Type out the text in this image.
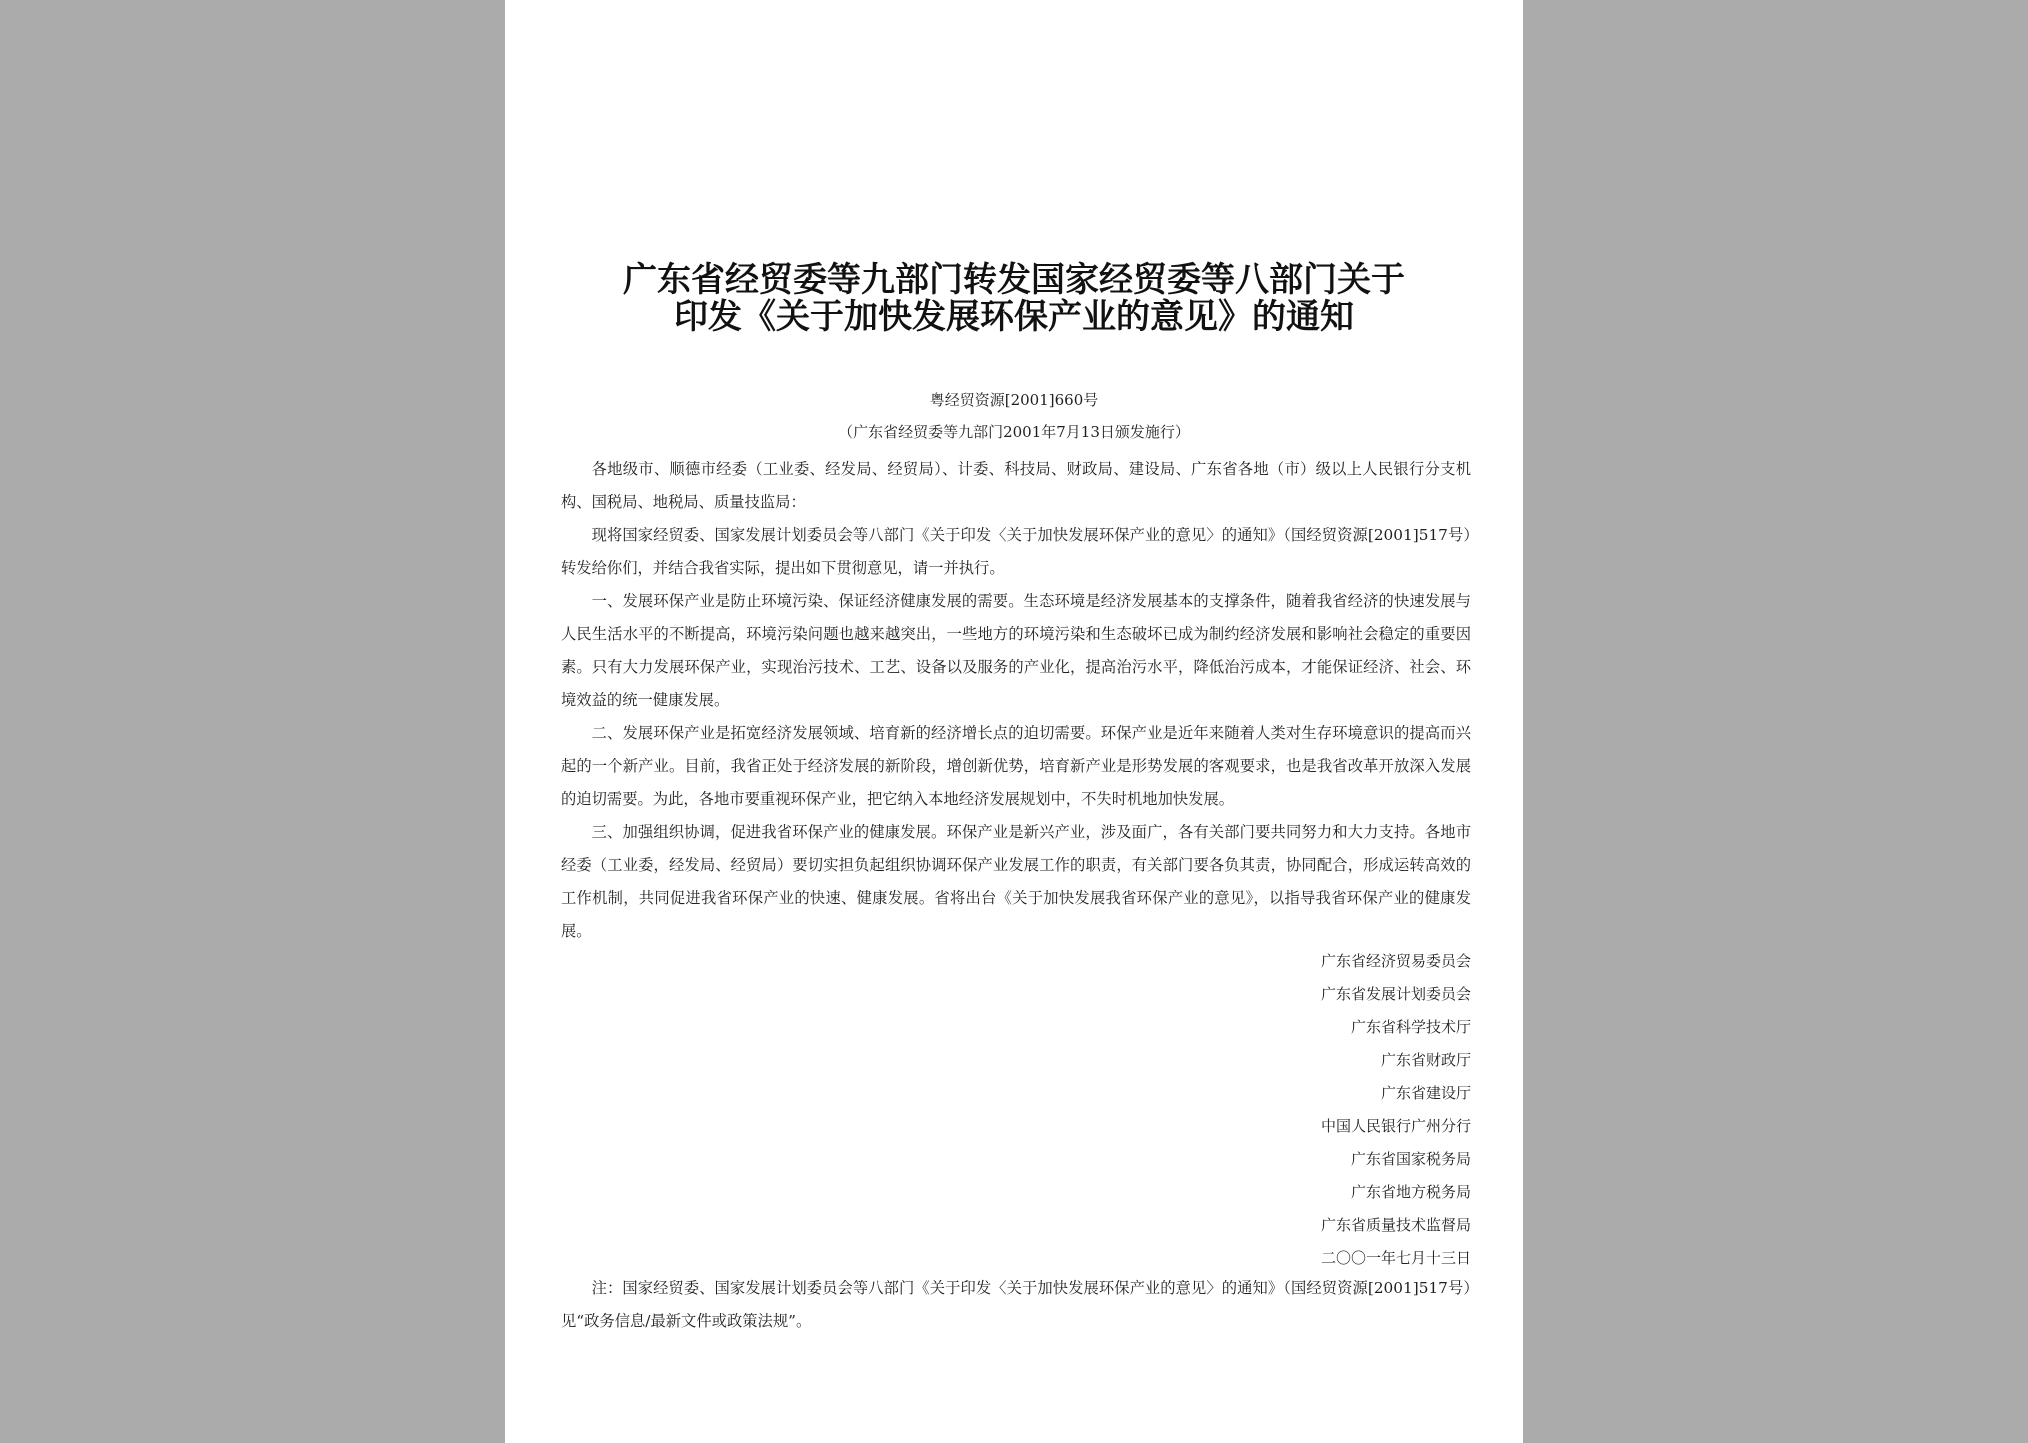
广东省经贸委等九部门转发国家经贸委等八部门关于
印发《关于加快发展环保产业的意见》的通知
粤经贸资源[2001]660号
（广东省经贸委等九部门2001年7月13日颁发施行）

各地级市、顺德市经委（工业委、经发局、经贸局）、计委、科技局、财政局、建设局、广东省各地（市）级以上人民银行分支机构、国税局、地税局、质量技监局：

现将国家经贸委、国家发展计划委员会等八部门《关于印发〈关于加快发展环保产业的意见〉的通知》（国经贸资源[2001]517号）转发给你们，并结合我省实际，提出如下贯彻意见，请一并执行。

一、发展环保产业是防止环境污染、保证经济健康发展的需要。生态环境是经济发展基本的支撑条件，随着我省经济的快速发展与人民生活水平的不断提高，环境污染问题也越来越突出，一些地方的环境污染和生态破坏已成为制约经济发展和影响社会稳定的重要因素。只有大力发展环保产业，实现治污技术、工艺、设备以及服务的产业化，提高治污水平，降低治污成本，才能保证经济、社会、环境效益的统一健康发展。

二、发展环保产业是拓宽经济发展领域、培育新的经济增长点的迫切需要。环保产业是近年来随着人类对生存环境意识的提高而兴起的一个新产业。目前，我省正处于经济发展的新阶段，增创新优势，培育新产业是形势发展的客观要求，也是我省改革开放深入发展的迫切需要。为此，各地市要重视环保产业，把它纳入本地经济发展规划中，不失时机地加快发展。

三、加强组织协调，促进我省环保产业的健康发展。环保产业是新兴产业，涉及面广，各有关部门要共同努力和大力支持。各地市经委（工业委，经发局、经贸局）要切实担负起组织协调环保产业发展工作的职责，有关部门要各负其责，协同配合，形成运转高效的工作机制，共同促进我省环保产业的快速、健康发展。省将出台《关于加快发展我省环保产业的意见》，以指导我省环保产业的健康发展。

广东省经济贸易委员会
广东省发展计划委员会
广东省科学技术厅
广东省财政厅
广东省建设厅
中国人民银行广州分行
广东省国家税务局
广东省地方税务局
广东省质量技术监督局
二〇〇一年七月十三日

注：国家经贸委、国家发展计划委员会等八部门《关于印发〈关于加快发展环保产业的意见〉的通知》（国经贸资源[2001]517号）见“政务信息/最新文件或政策法规”。
